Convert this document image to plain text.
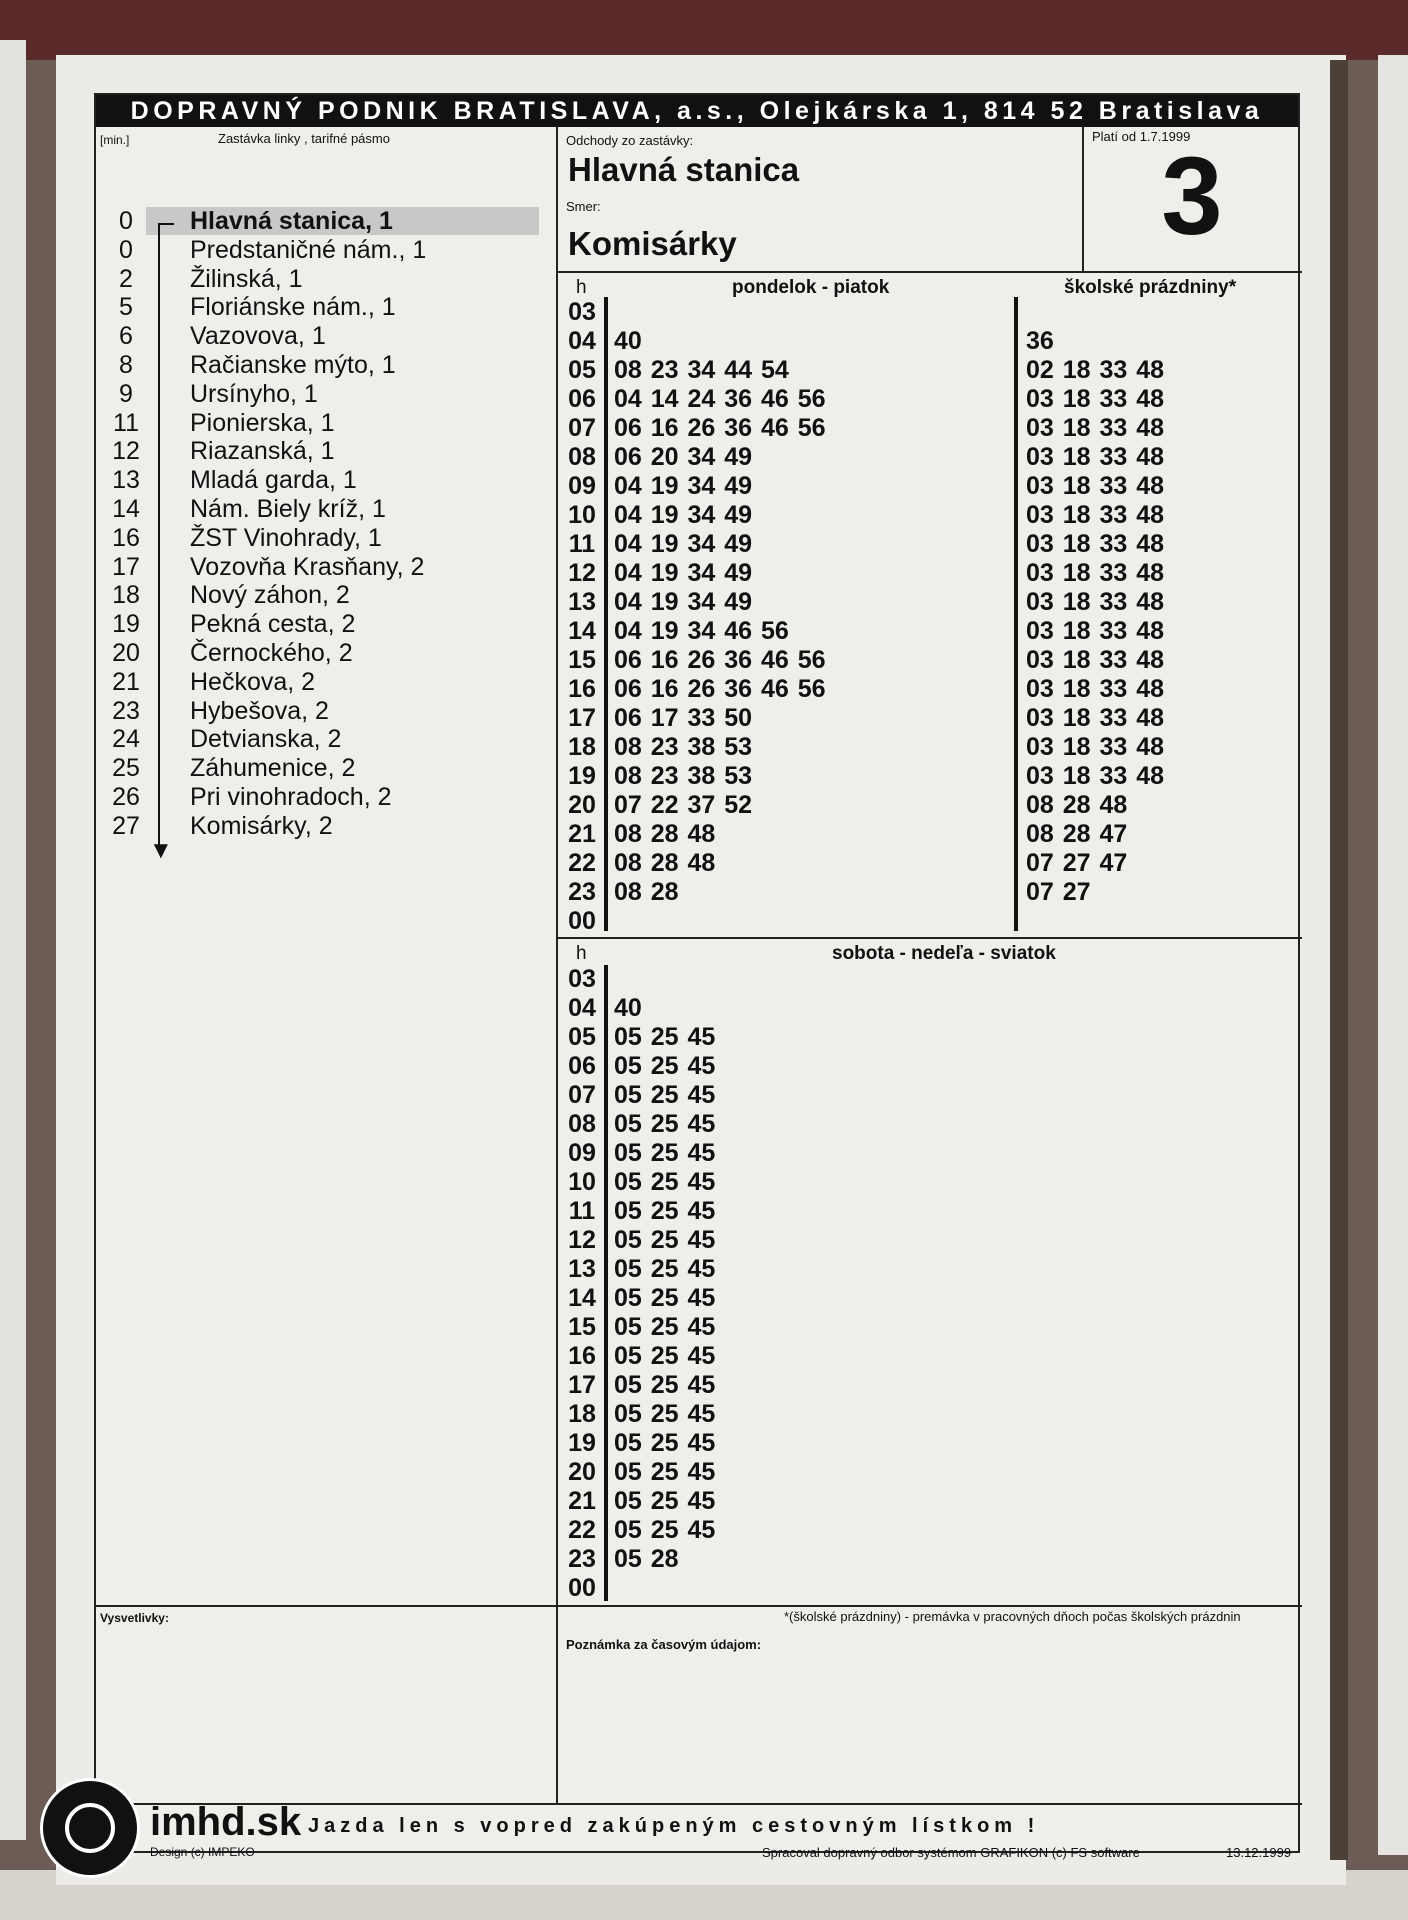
DOPRAVNÝ PODNIK BRATISLAVA, a.s., Olejkárska 1, 814 52 Bratislava
[min.]	Zastávka linky , tarifné pásmo
0 Hlavná stanica, 1
0 Predstaničné nám., 1
2 Žilinská, 1
5 Floriánske nám., 1
6 Vazovova, 1
8 Račianske mýto, 1
9 Ursínyho, 1
11 Pionierska, 1
12 Riazanská, 1
13 Mladá garda, 1
14 Nám. Biely kríž, 1
16 ŽST Vinohrady, 1
17 Vozovňa Krasňany, 2
18 Nový záhon, 2
19 Pekná cesta, 2
20 Černockého, 2
21 Hečkova, 2
23 Hybešova, 2
24 Detvianska, 2
25 Záhumenice, 2
26 Pri vinohradoch, 2
27 Komisárky, 2
▼
Odchody zo zastávky:
Hlavná stanica
Smer:
Komisárky
Platí od 1.7.1999
3
h	pondelok - piatok	školské prázdniny*
03
04 40	36
05 08 23 34 44 54	02 18 33 48
06 04 14 24 36 46 56	03 18 33 48
07 06 16 26 36 46 56	03 18 33 48
08 06 20 34 49	03 18 33 48
09 04 19 34 49	03 18 33 48
10 04 19 34 49	03 18 33 48
11 04 19 34 49	03 18 33 48
12 04 19 34 49	03 18 33 48
13 04 19 34 49	03 18 33 48
14 04 19 34 46 56	03 18 33 48
15 06 16 26 36 46 56	03 18 33 48
16 06 16 26 36 46 56	03 18 33 48
17 06 17 33 50	03 18 33 48
18 08 23 38 53	03 18 33 48
19 08 23 38 53	03 18 33 48
20 07 22 37 52	08 28 48
21 08 28 48	08 28 47
22 08 28 48	07 27 47
23 08 28	07 27
00
h	sobota - nedeľa - sviatok
03
04 40
05 05 25 45
06 05 25 45
07 05 25 45
08 05 25 45
09 05 25 45
10 05 25 45
11 05 25 45
12 05 25 45
13 05 25 45
14 05 25 45
15 05 25 45
16 05 25 45
17 05 25 45
18 05 25 45
19 05 25 45
20 05 25 45
21 05 25 45
22 05 25 45
23 05 28
00
Vysvetlivky:	*(školské prázdniny) - premávka v pracovných dňoch počas školských prázdnin
Poznámka za časovým údajom:
Jazda len s vopred zakúpeným cestovným lístkom !
Design (c) IMPEKO	Spracoval dopravný odbor systémom GRAFIKON (c) FS software	13.12.1999
imhd.sk
